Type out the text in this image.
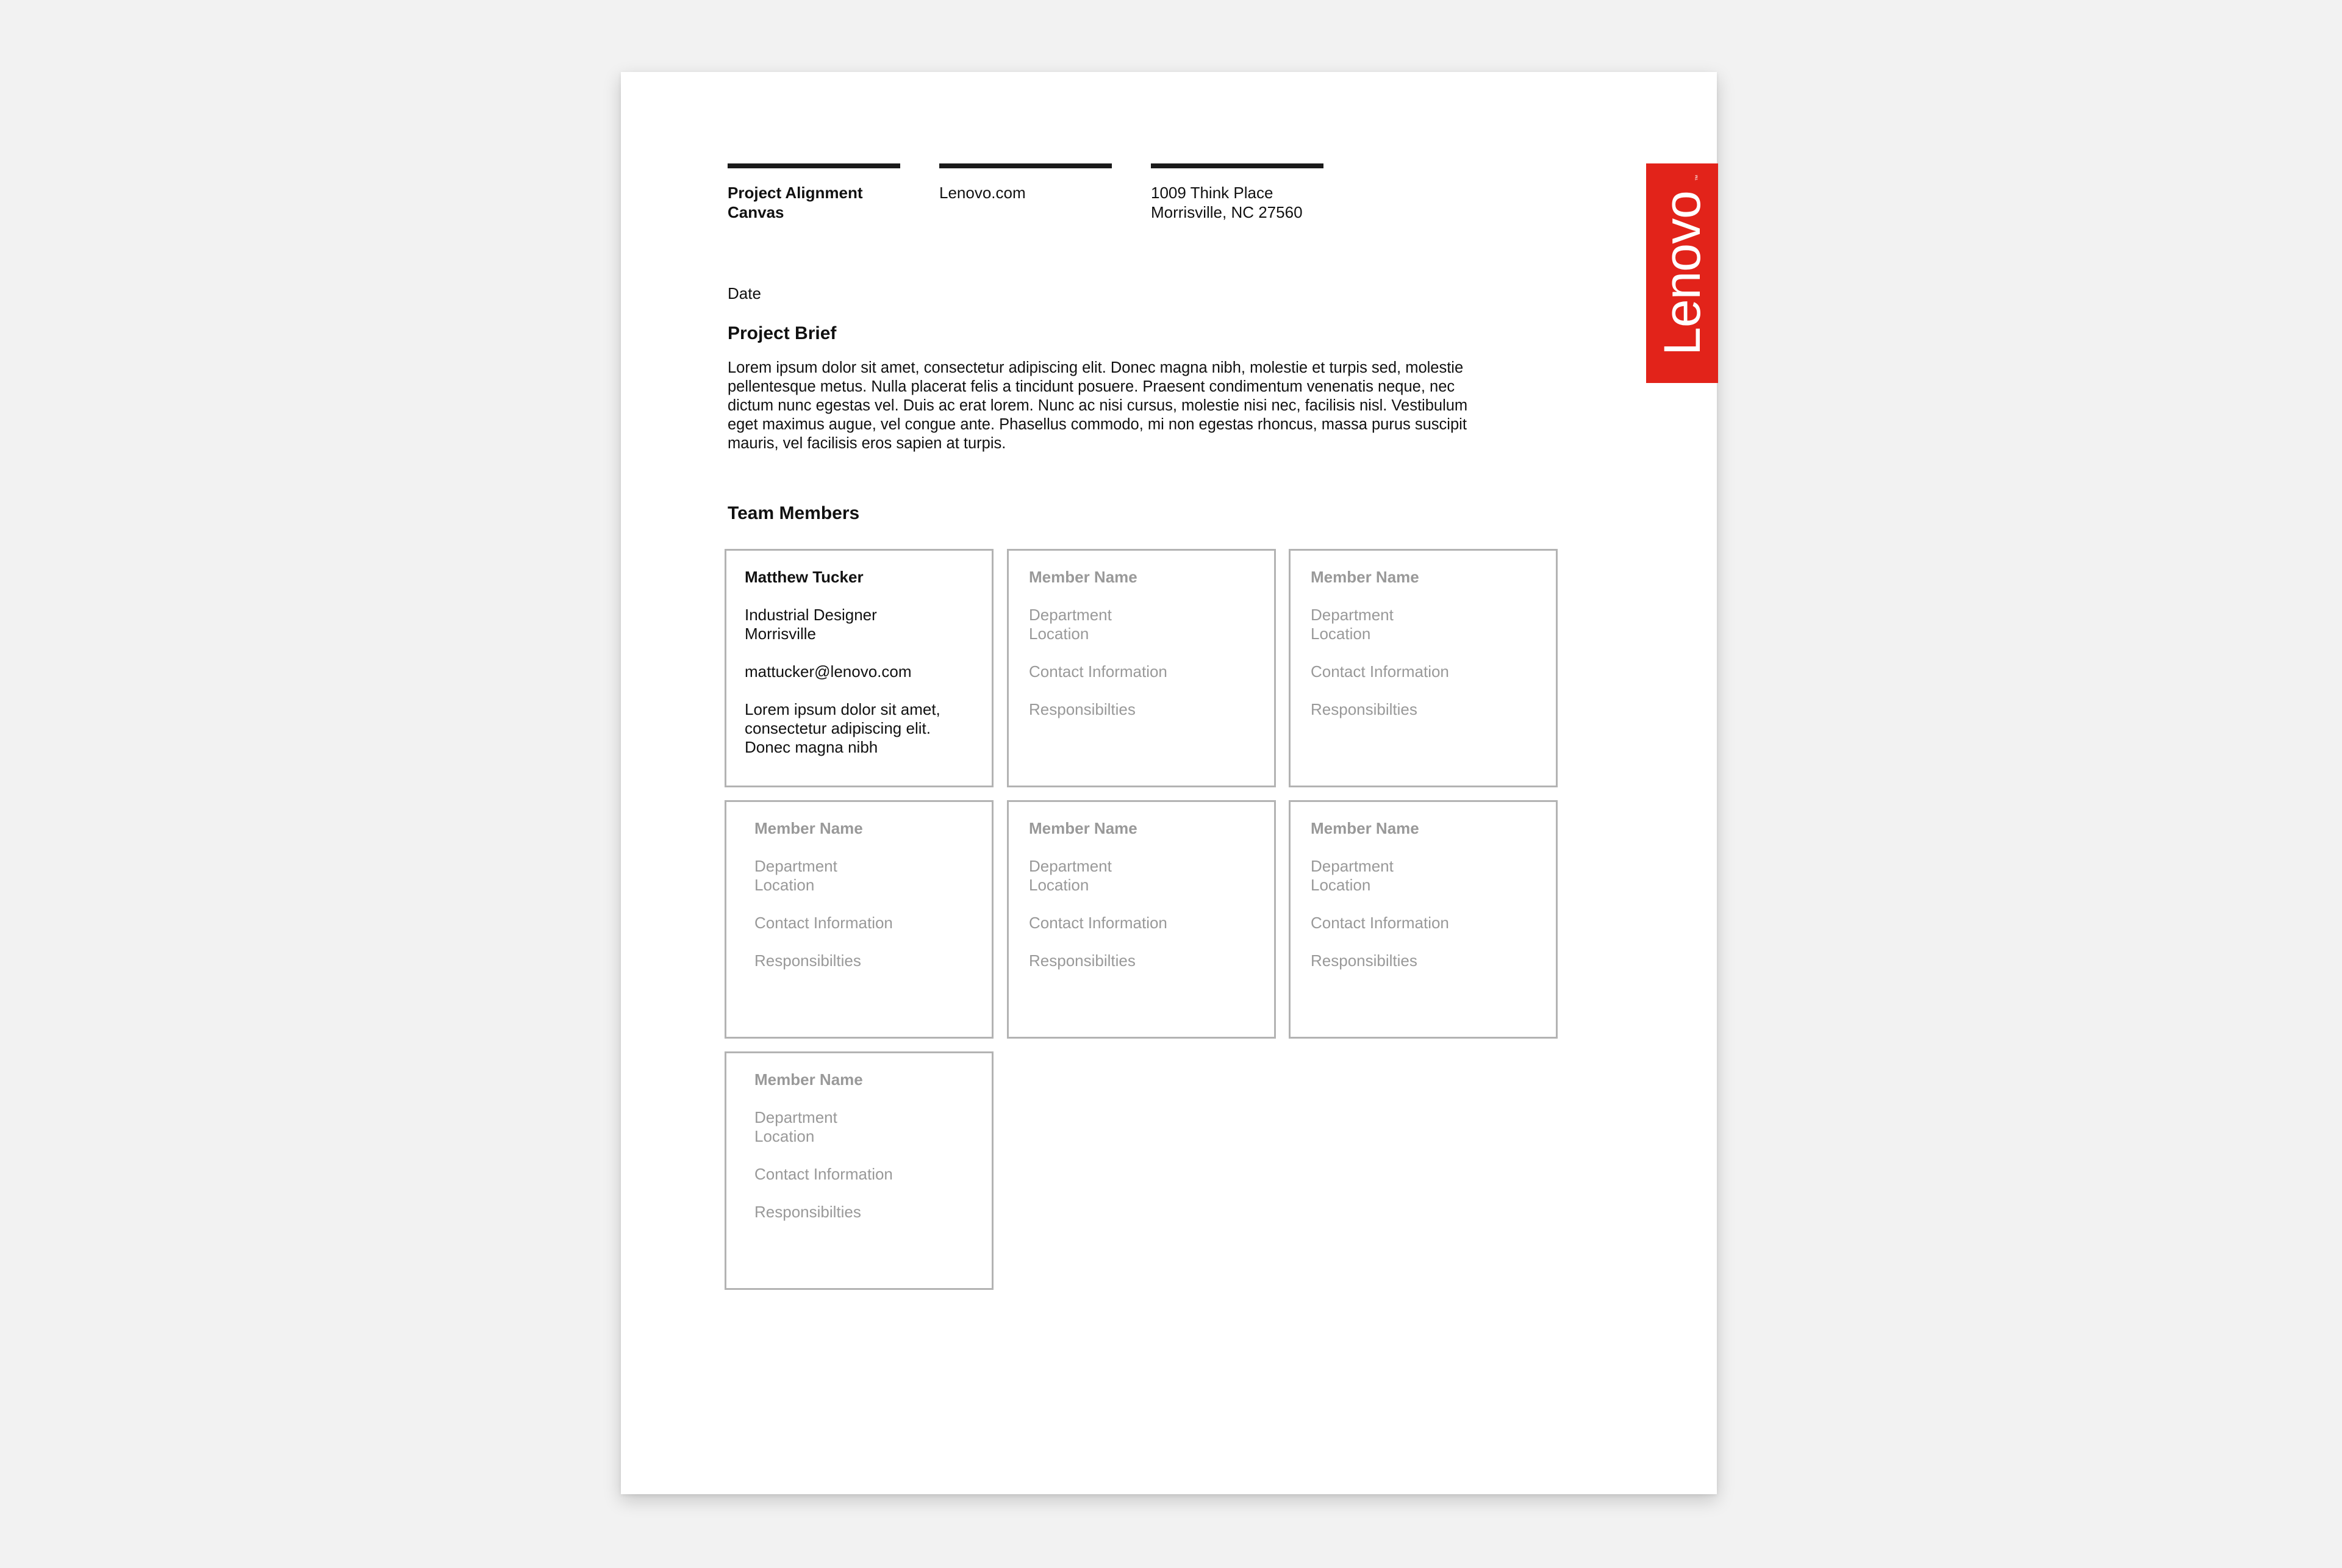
Project Alignment
Canvas
Lenovo.com	1009 Think Place
Morrisville, NC 27560	Lenovo
™
Date
Project Brief
Lorem ipsum dolor sit amet, consectetur adipiscing elit. Donec magna nibh, molestie et turpis sed, molestie
pellentesque metus. Nulla placerat felis a tincidunt posuere. Praesent condimentum venenatis neque, nec
dictum nunc egestas vel. Duis ac erat lorem. Nunc ac nisi cursus, molestie nisi nec, facilisis nisl. Vestibulum
eget maximus augue, vel congue ante. Phasellus commodo, mi non egestas rhoncus, massa purus suscipit
mauris, vel facilisis eros sapien at turpis.
Team Members
Matthew Tucker
Industrial Designer
Morrisville
mattucker@lenovo.com
Lorem ipsum dolor sit amet,
consectetur adipiscing elit.
Donec magna nibh
Member Name
Department
Location
Contact Information
Responsibilties
Member Name
Department
Location
Contact Information
Responsibilties
Member Name
Department
Location
Contact Information
Responsibilties
Member Name
Department
Location
Contact Information
Responsibilties
Member Name
Department
Location
Contact Information
Responsibilties
Member Name
Department
Location
Contact Information
Responsibilties
